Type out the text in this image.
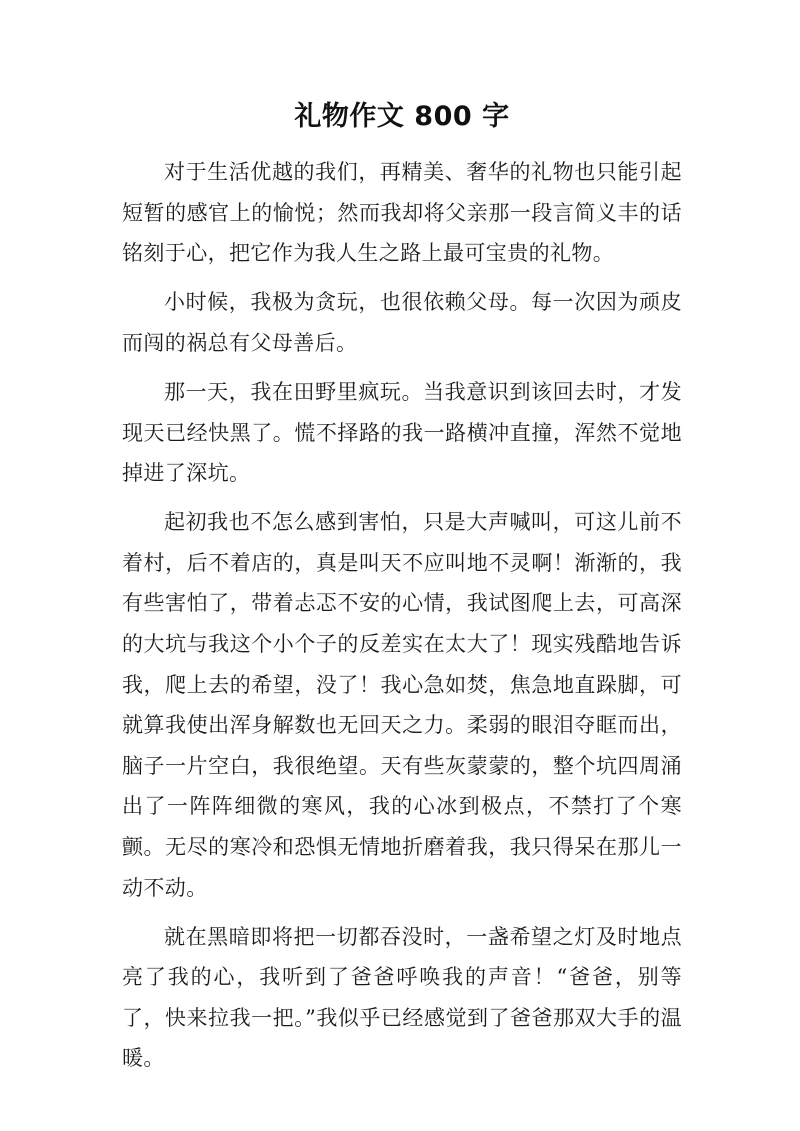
礼物作文 800 字

对于生活优越的我们，再精美、奢华的礼物也只能引起短暂的感官上的愉悦；然而我却将父亲那一段言简义丰的话铭刻于心，把它作为我人生之路上最可宝贵的礼物。

小时候，我极为贪玩，也很依赖父母。每一次因为顽皮而闯的祸总有父母善后。

那一天，我在田野里疯玩。当我意识到该回去时，才发现天已经快黑了。慌不择路的我一路横冲直撞，浑然不觉地掉进了深坑。

起初我也不怎么感到害怕，只是大声喊叫，可这儿前不着村，后不着店的，真是叫天不应叫地不灵啊！渐渐的，我有些害怕了，带着忐忑不安的心情，我试图爬上去，可高深的大坑与我这个小个子的反差实在太大了！现实残酷地告诉我，爬上去的希望，没了！我心急如焚，焦急地直跺脚，可就算我使出浑身解数也无回天之力。柔弱的眼泪夺眶而出，脑子一片空白，我很绝望。天有些灰蒙蒙的，整个坑四周涌出了一阵阵细微的寒风，我的心冰到极点，不禁打了个寒颤。无尽的寒冷和恐惧无情地折磨着我，我只得呆在那儿一动不动。

就在黑暗即将把一切都吞没时，一盏希望之灯及时地点亮了我的心，我听到了爸爸呼唤我的声音！“爸爸，别等了，快来拉我一把。”我似乎已经感觉到了爸爸那双大手的温暖。
